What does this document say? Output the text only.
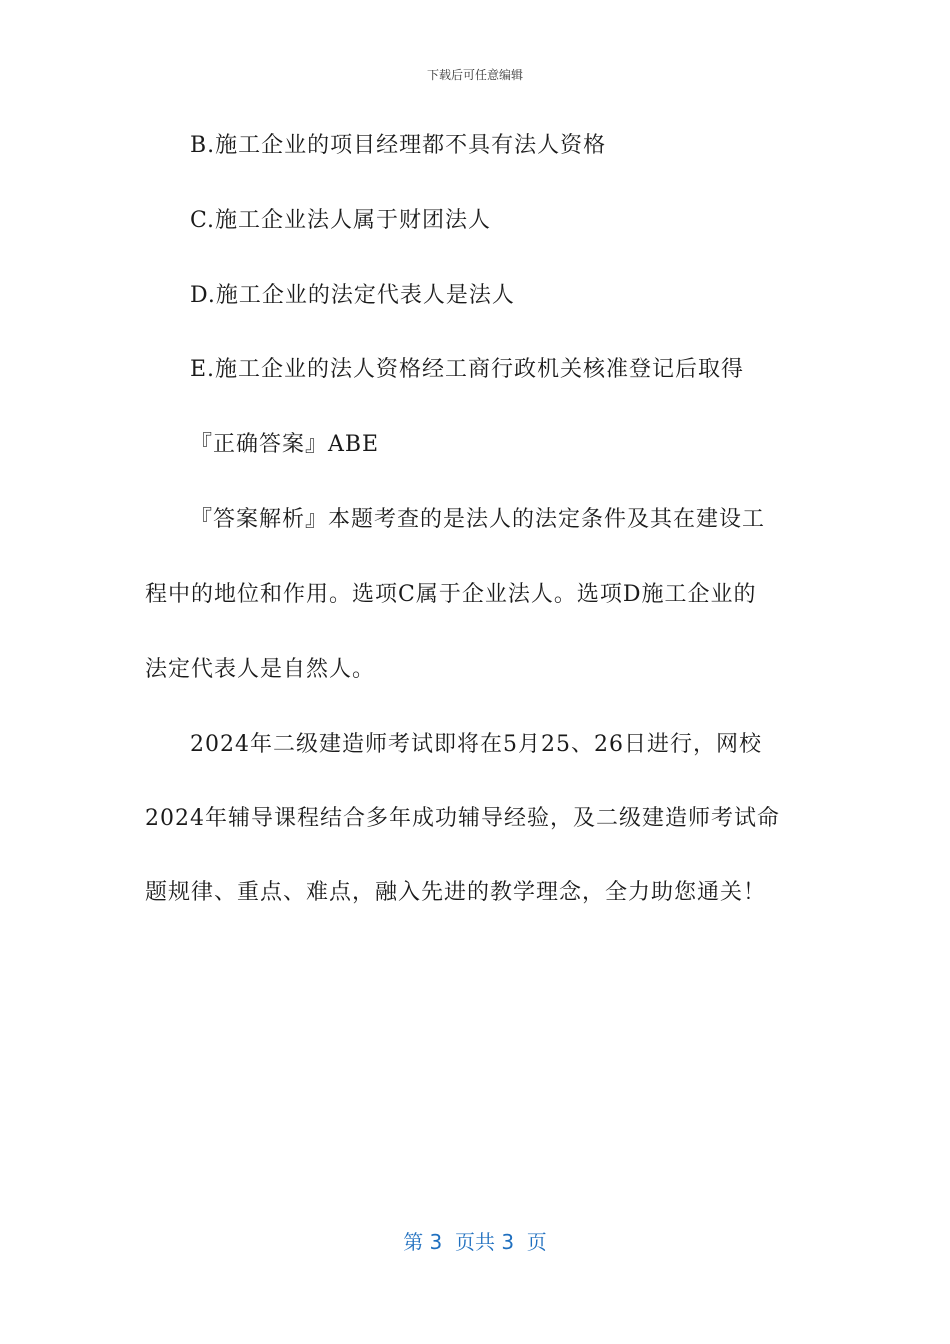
下载后可任意编辑
B.施工企业的项目经理都不具有法人资格
C.施工企业法人属于财团法人
D.施工企业的法定代表人是法人
E.施工企业的法人资格经工商行政机关核准登记后取得
『正确答案』ABE
『答案解析』本题考查的是法人的法定条件及其在建设工
程中的地位和作用。选项C属于企业法人。选项D施工企业的
法定代表人是自然人。
2024年二级建造师考试即将在5月25、26日进行，网校
2024年辅导课程结合多年成功辅导经验，及二级建造师考试命
题规律、重点、难点，融入先进的教学理念，全力助您通关！
第 3  页共 3  页
